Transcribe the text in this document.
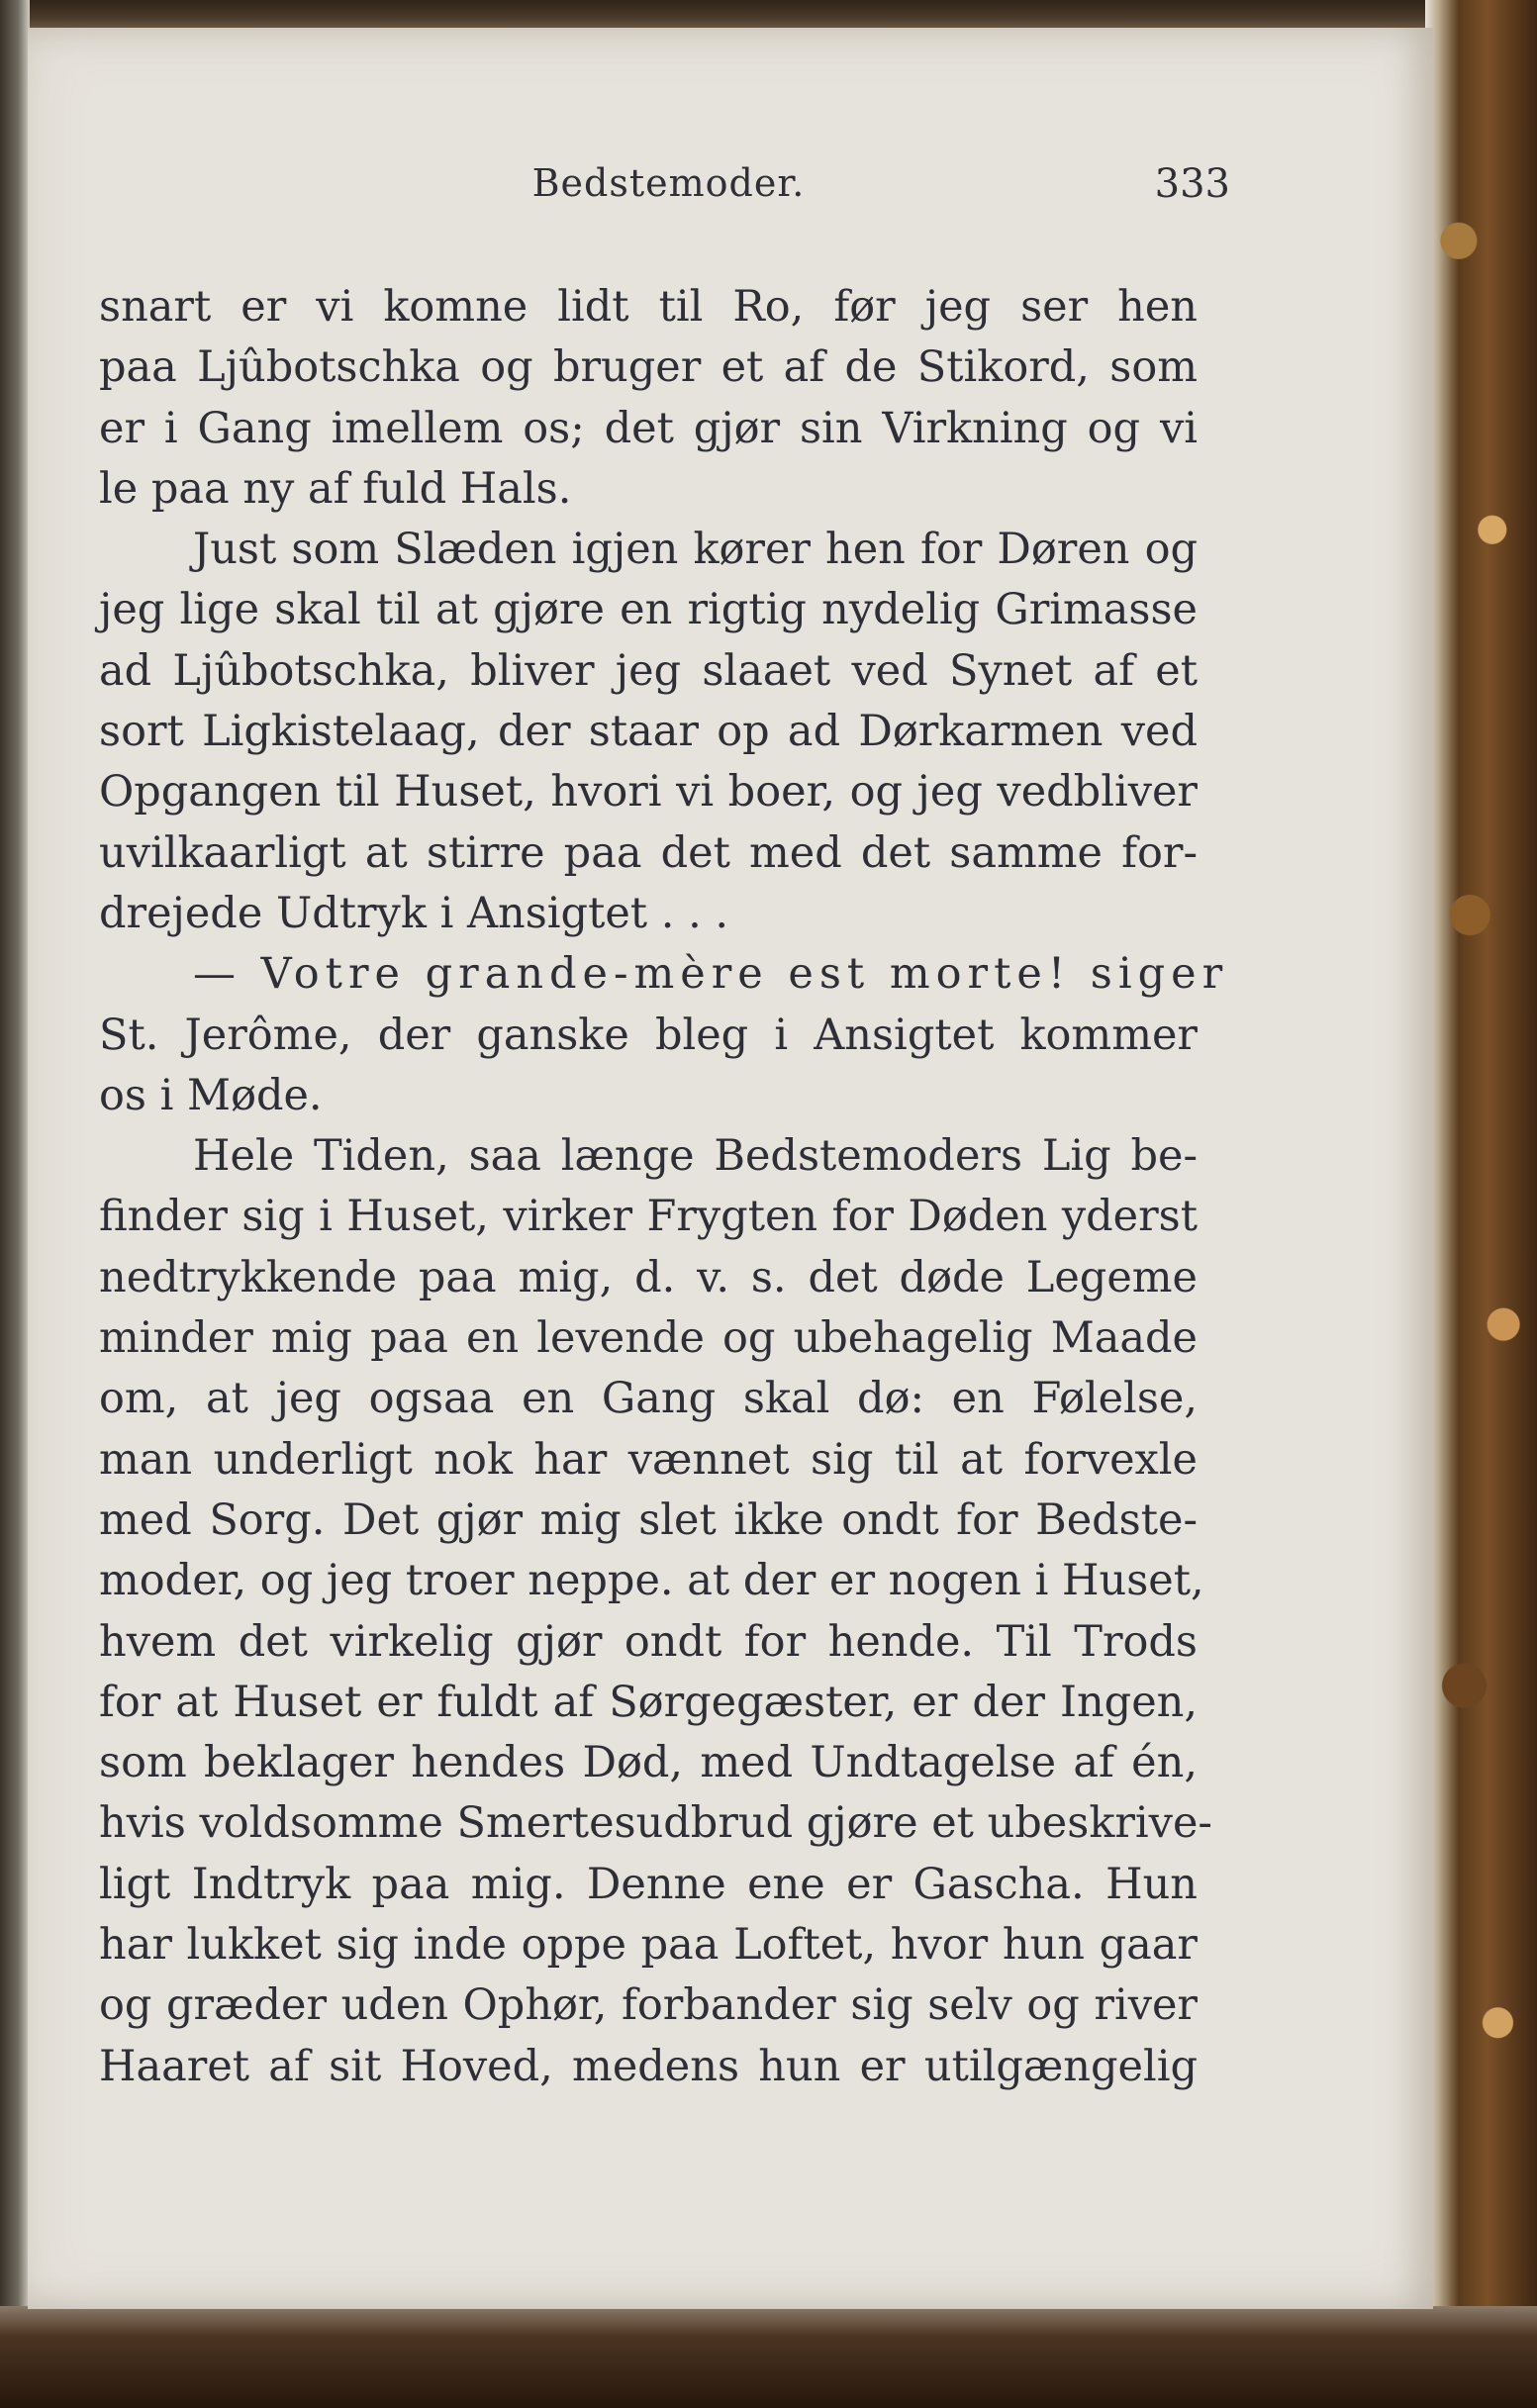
Bedstemoder.	333
snart er vi komne lidt til Ro, før jeg ser hen
paa Ljûbotschka og bruger et af de Stikord, som
er i Gang imellem os; det gjør sin Virkning og vi
le paa ny af fuld Hals.
Just som Slæden igjen kører hen for Døren og
jeg lige skal til at gjøre en rigtig nydelig Grimasse
ad Ljûbotschka, bliver jeg slaaet ved Synet af et
sort Ligkistelaag, der staar op ad Dørkarmen ved
Opgangen til Huset, hvori vi boer, og jeg vedbliver
uvilkaarligt at stirre paa det med det samme for-
drejede Udtryk i Ansigtet . . .
— Votre grande-mère est morte! siger
St. Jerôme, der ganske bleg i Ansigtet kommer
os i Møde.
Hele Tiden, saa længe Bedstemoders Lig be-
finder sig i Huset, virker Frygten for Døden yderst
nedtrykkende paa mig, d. v. s. det døde Legeme
minder mig paa en levende og ubehagelig Maade
om, at jeg ogsaa en Gang skal dø: en Følelse,
man underligt nok har vænnet sig til at forvexle
med Sorg. Det gjør mig slet ikke ondt for Bedste-
moder, og jeg troer neppe. at der er nogen i Huset,
hvem det virkelig gjør ondt for hende. Til Trods
for at Huset er fuldt af Sørgegæster, er der Ingen,
som beklager hendes Død, med Undtagelse af én,
hvis voldsomme Smertesudbrud gjøre et ubeskrive-
ligt Indtryk paa mig. Denne ene er Gascha. Hun
har lukket sig inde oppe paa Loftet, hvor hun gaar
og græder uden Ophør, forbander sig selv og river
Haaret af sit Hoved, medens hun er utilgængelig
